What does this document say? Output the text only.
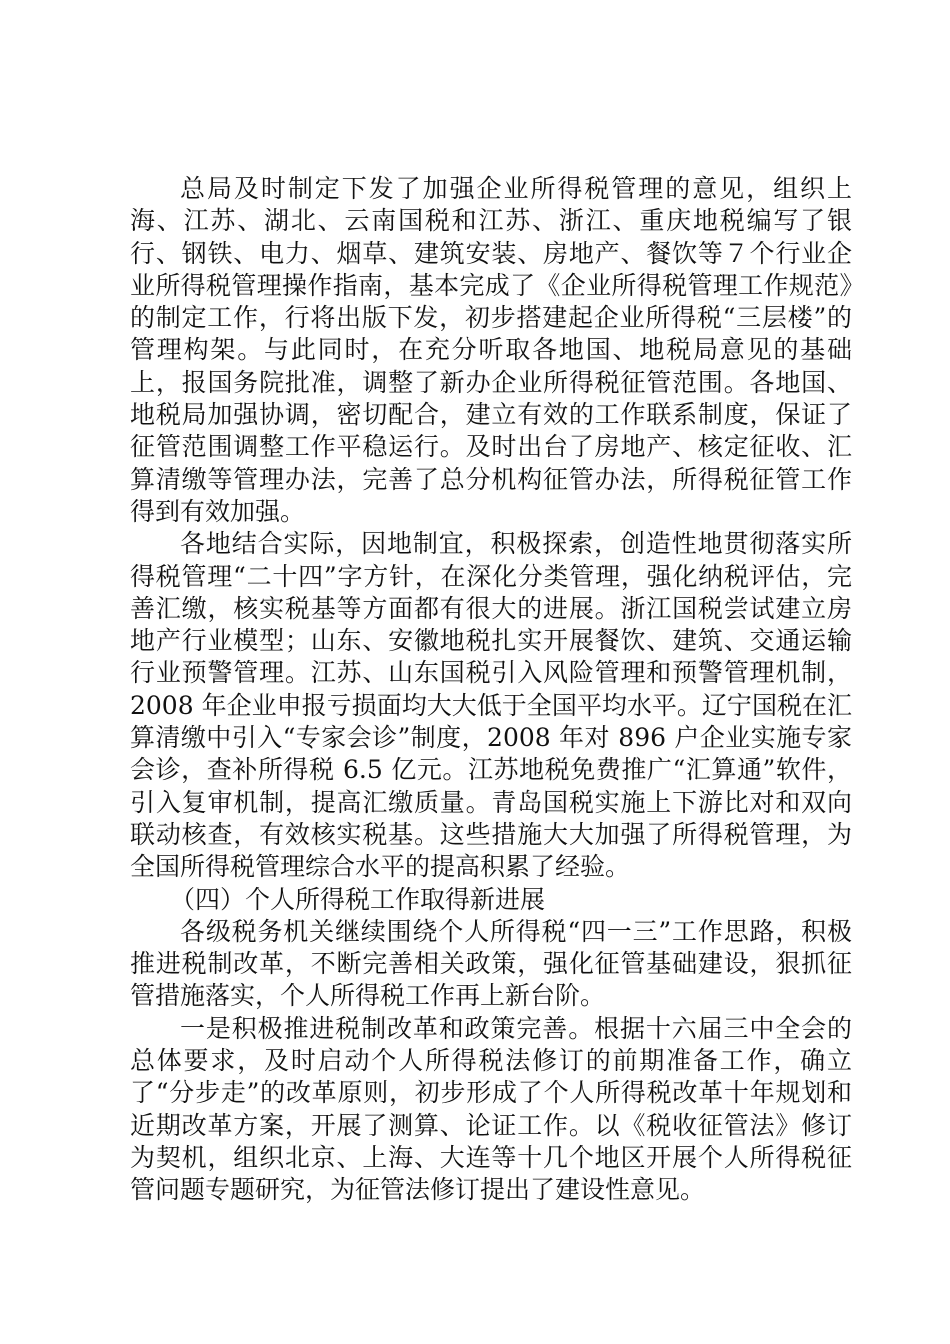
总局及时制定下发了加强企业所得税管理的意见，组织上海、江苏、湖北、云南国税和江苏、浙江、重庆地税编写了银行、钢铁、电力、烟草、建筑安装、房地产、餐饮等７个行业企业所得税管理操作指南，基本完成了《企业所得税管理工作规范》的制定工作，行将出版下发，初步搭建起企业所得税“三层楼”的管理构架。与此同时，在充分听取各地国、地税局意见的基础上，报国务院批准，调整了新办企业所得税征管范围。各地国、地税局加强协调，密切配合，建立有效的工作联系制度，保证了征管范围调整工作平稳运行。及时出台了房地产、核定征收、汇算清缴等管理办法，完善了总分机构征管办法，所得税征管工作得到有效加强。

各地结合实际，因地制宜，积极探索，创造性地贯彻落实所得税管理“二十四”字方针，在深化分类管理，强化纳税评估，完善汇缴，核实税基等方面都有很大的进展。浙江国税尝试建立房地产行业模型；山东、安徽地税扎实开展餐饮、建筑、交通运输行业预警管理。江苏、山东国税引入风险管理和预警管理机制，2008 年企业申报亏损面均大大低于全国平均水平。辽宁国税在汇算清缴中引入“专家会诊”制度，2008 年对 896 户企业实施专家会诊，查补所得税 6.5 亿元。江苏地税免费推广“汇算通”软件，引入复审机制，提高汇缴质量。青岛国税实施上下游比对和双向联动核查，有效核实税基。这些措施大大加强了所得税管理，为全国所得税管理综合水平的提高积累了经验。

（四）个人所得税工作取得新进展

各级税务机关继续围绕个人所得税“四一三”工作思路，积极推进税制改革，不断完善相关政策，强化征管基础建设，狠抓征管措施落实，个人所得税工作再上新台阶。

一是积极推进税制改革和政策完善。根据十六届三中全会的总体要求，及时启动个人所得税法修订的前期准备工作，确立了“分步走”的改革原则，初步形成了个人所得税改革十年规划和近期改革方案，开展了测算、论证工作。以《税收征管法》修订为契机，组织北京、上海、大连等十几个地区开展个人所得税征管问题专题研究，为征管法修订提出了建设性意见。
